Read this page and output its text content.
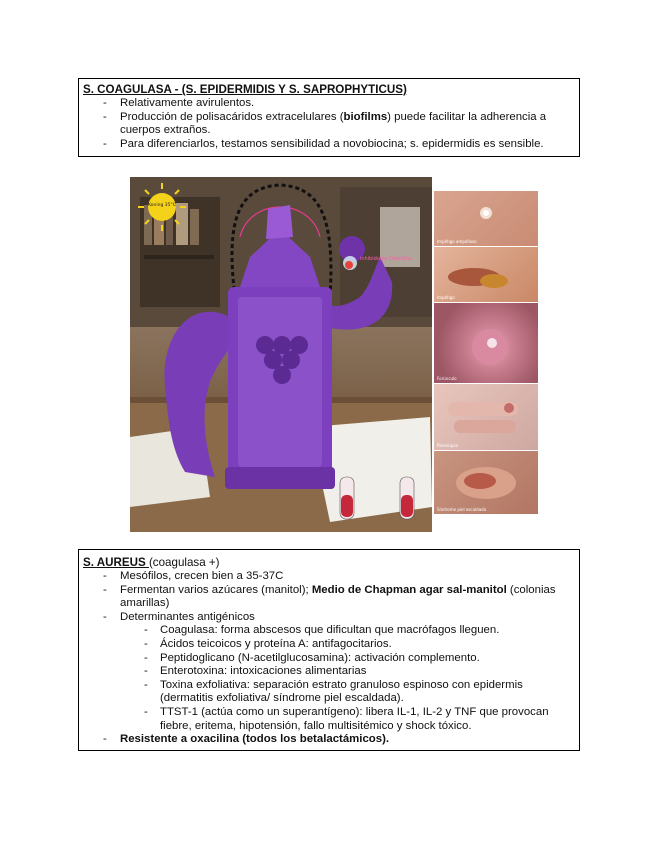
S. COAGULASA - (S. EPIDERMIDIS Y S. SAPROPHYTICUS)
- Relativamente avirulentos.
- Producción de polisacáridos extracelulares (biofilms) puede facilitar la adherencia a cuerpos extraños.
- Para diferenciarlos, testamos sensibilidad a novobiocina; s. epidermidis es sensible.
Koning 35°C
inhibidores Oxacilina
Impétigo ampolloso
Impétigo
Forúnculo
Paroniquia
Síndrome piel escaldada
S. AUREUS (coagulasa +)
- Mesófilos, crecen bien a 35-37C
- Fermentan varios azúcares (manitol); Medio de Chapman agar sal-manitol (colonias amarillas)
- Determinantes antigénicos
- Coagulasa: forma abscesos que dificultan que macrófagos lleguen.
- Ácidos teicoicos y proteína A: antifagocitarios.
- Peptidoglicano (N-acetilglucosamina): activación complemento.
- Enterotoxina: intoxicaciones alimentarias
- Toxina exfoliativa: separación estrato granuloso espinoso con epidermis (dermatitis exfoliativa/ síndrome piel escaldada).
- TTST-1 (actúa como un superantígeno): libera IL-1, IL-2 y TNF que provocan fiebre, eritema, hipotensión, fallo multisitémico y shock tóxico.
- Resistente a oxacilina (todos los betalactámicos).
